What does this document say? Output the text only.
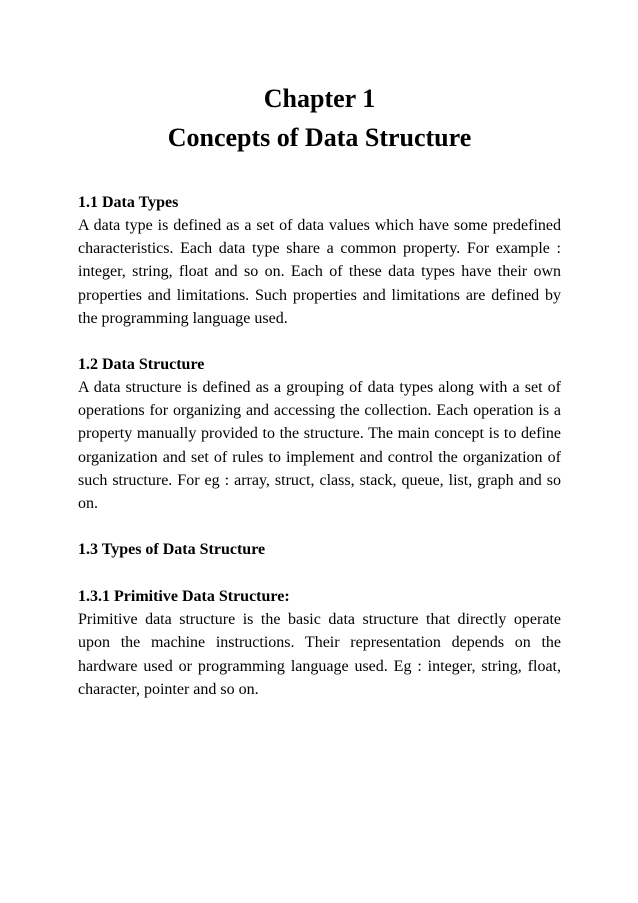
Chapter 1
Concepts of Data Structure
1.1 Data Types

A data type is defined as a set of data values which have some predefined characteristics. Each data type share a common property. For example : integer, string, float and so on. Each of these data types have their own properties and limitations. Such properties and limitations are defined by the programming language used.

1.2 Data Structure

A data structure is defined as a grouping of data types along with a set of operations for organizing and accessing the collection. Each operation is a property manually provided to the structure. The main concept is to define organization and set of rules to implement and control the organization of such structure. For eg : array, struct, class, stack, queue, list, graph and so on.

1.3 Types of Data Structure
1.3.1 Primitive Data Structure:

Primitive data structure is the basic data structure that directly operate upon the machine instructions. Their representation depends on the hardware used or programming language used. Eg : integer, string, float, character, pointer and so on.
